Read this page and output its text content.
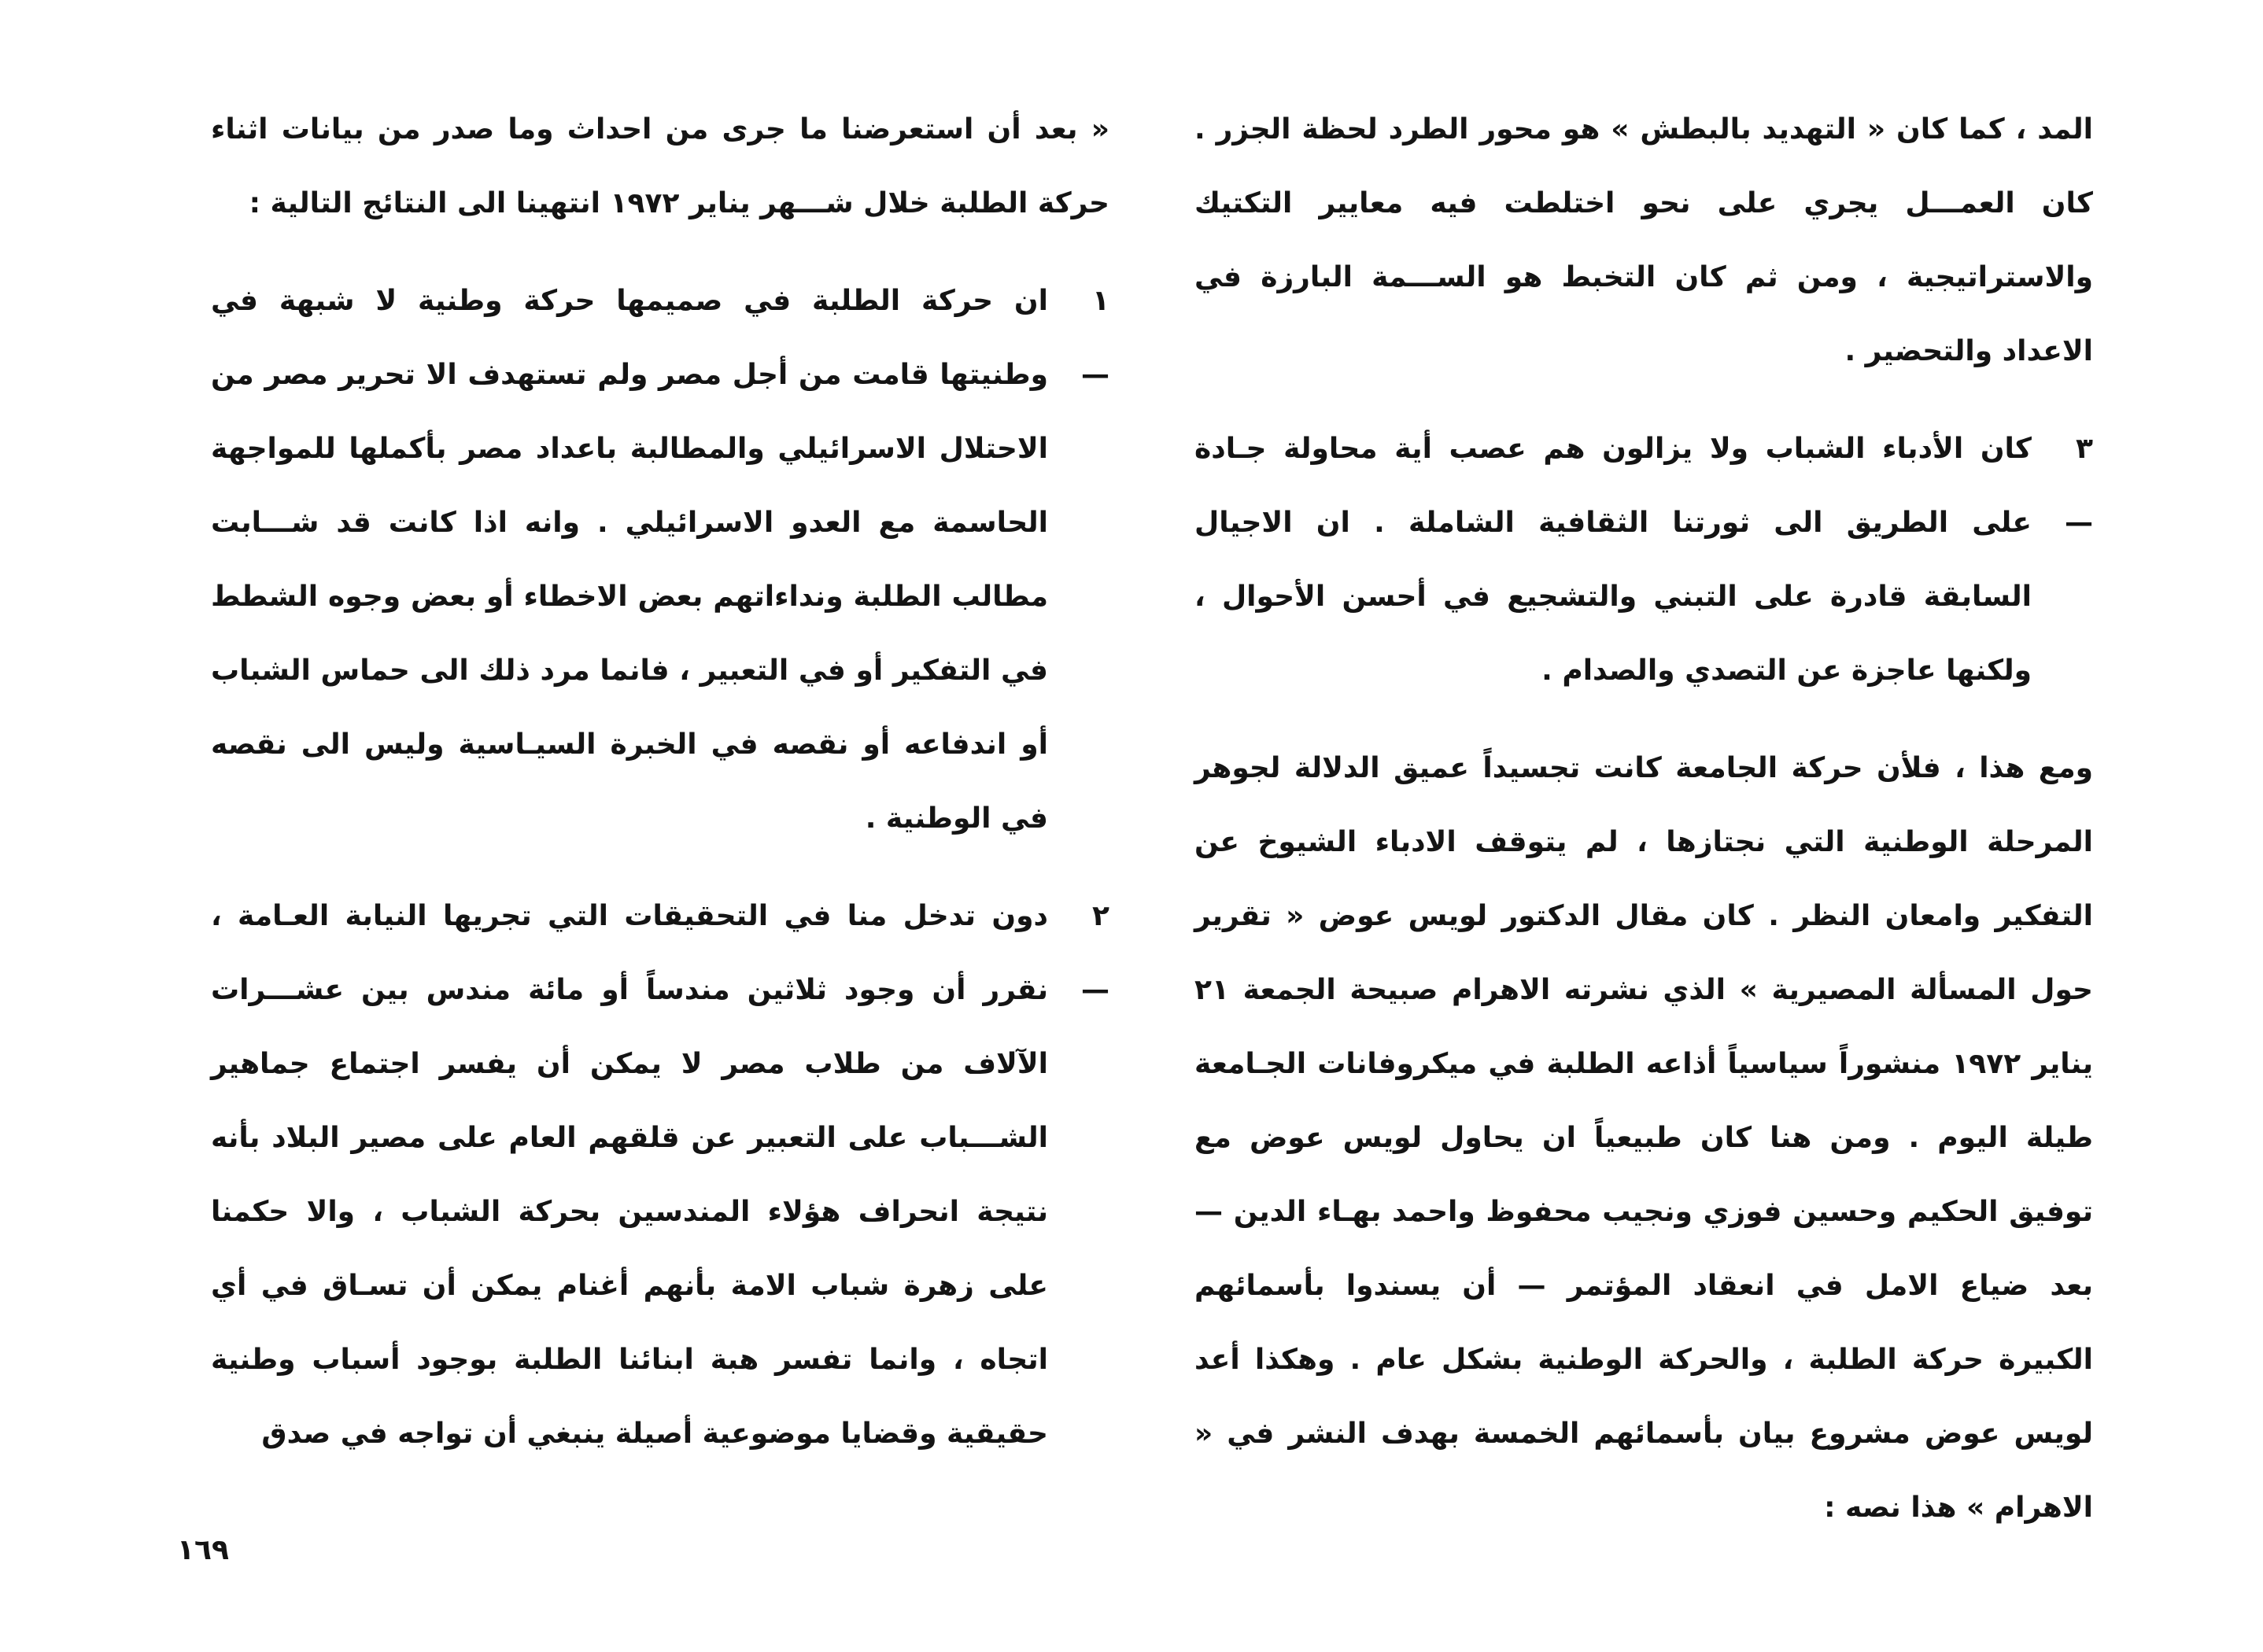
« بعد أن استعرضنا ما جرى من احداث وما صدر من بيانات اثناء حركة الطلبة خلال شـــهر يناير ١٩٧٢ انتهينا الى النتائج التالية :

١ —
ان حركة الطلبة في صميمها حركة وطنية لا شبهة في وطنيتها قامت من أجل مصر ولم تستهدف الا تحرير مصر من الاحتلال الاسرائيلي والمطالبة باعداد مصر بأكملها للمواجهة الحاسمة مع العدو الاسرائيلي . وانه اذا كانت قد شـــابت مطالب الطلبة ونداءاتهم بعض الاخطاء أو بعض وجوه الشطط في التفكير أو في التعبير ، فانما مرد ذلك الى حماس الشباب أو اندفاعه أو نقصه في الخبرة السيـاسية وليس الى نقصه في الوطنية .
٢ —
دون تدخل منا في التحقيقات التي تجريها النيابة العـامة ، نقرر أن وجود ثلاثين مندساً أو مائة مندس بين عشـــرات الآلاف من طلاب مصر لا يمكن أن يفسر اجتماع جماهير الشـــباب على التعبير عن قلقهم العام على مصير البلاد بأنه نتيجة انحراف هؤلاء المندسين بحركة الشباب ، والا حكمنا على زهرة شباب الامة بأنهم أغنام يمكن أن تسـاق في أي اتجاه ، وانما تفسر هبة ابنائنا الطلبة بوجود أسباب وطنية حقيقية وقضايا موضوعية أصيلة ينبغي أن تواجه في صدق
١٦٩

المد ، كما كان « التهديد بالبطش » هو محور الطرد لحظة الجزر . كان العمـــل يجري على نحو اختلطت فيه معايير التكتيك والاستراتيجية ، ومن ثم كان التخبط هو الســـمة البارزة في الاعداد والتحضير .

٣ —
كان الأدباء الشباب ولا يزالون هم عصب أية محاولة جـادة على الطريق الى ثورتنا الثقافية الشاملة . ان الاجيال السابقة قادرة على التبني والتشجيع في أحسن الأحوال ، ولكنها عاجزة عن التصدي والصدام .

ومع هذا ، فلأن حركة الجامعة كانت تجسيداً عميق الدلالة لجوهر المرحلة الوطنية التي نجتازها ، لم يتوقف الادباء الشيوخ عن التفكير وامعان النظر . كان مقال الدكتور لويس عوض « تقرير حول المسألة المصيرية » الذي نشرته الاهرام صبيحة الجمعة ٢١ يناير ١٩٧٢ منشوراً سياسياً أذاعه الطلبة في ميكروفانات الجـامعة طيلة اليوم . ومن هنا كان طبيعياً ان يحاول لويس عوض مع توفيق الحكيم وحسين فوزي ونجيب محفوظ واحمد بهـاء الدين — بعد ضياع الامل في انعقاد المؤتمر — أن يسندوا بأسمائهم الكبيرة حركة الطلبة ، والحركة الوطنية بشكل عام . وهكذا أعد لويس عوض مشروع بيان بأسمائهم الخمسة بهدف النشر في « الاهرام » هذا نصه :
